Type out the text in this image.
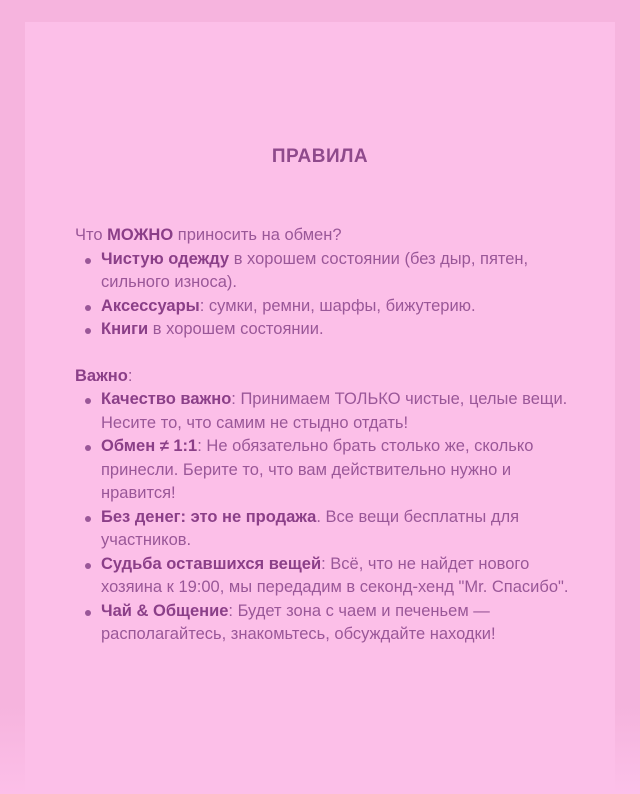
ПРАВИЛА

Что МОЖНО приносить на обмен?

Чистую одежду в хорошем состоянии (без дыр, пятен, сильного износа).
Аксессуары: сумки, ремни, шарфы, бижутерию.
Книги в хорошем состоянии.

Важно:

Качество важно: Принимаем ТОЛЬКО чистые, целые вещи. Несите то, что самим не стыдно отдать!
Обмен ≠ 1:1: Не обязательно брать столько же, сколько принесли. Берите то, что вам действительно нужно и нравится!
Без денег: это не продажа. Все вещи бесплатны для участников.
Судьба оставшихся вещей: Всё, что не найдет нового хозяина к 19:00, мы передадим в секонд-хенд "Mr. Спасибо".
Чай & Общение: Будет зона с чаем и печеньем — располагайтесь, знакомьтесь, обсуждайте находки!
